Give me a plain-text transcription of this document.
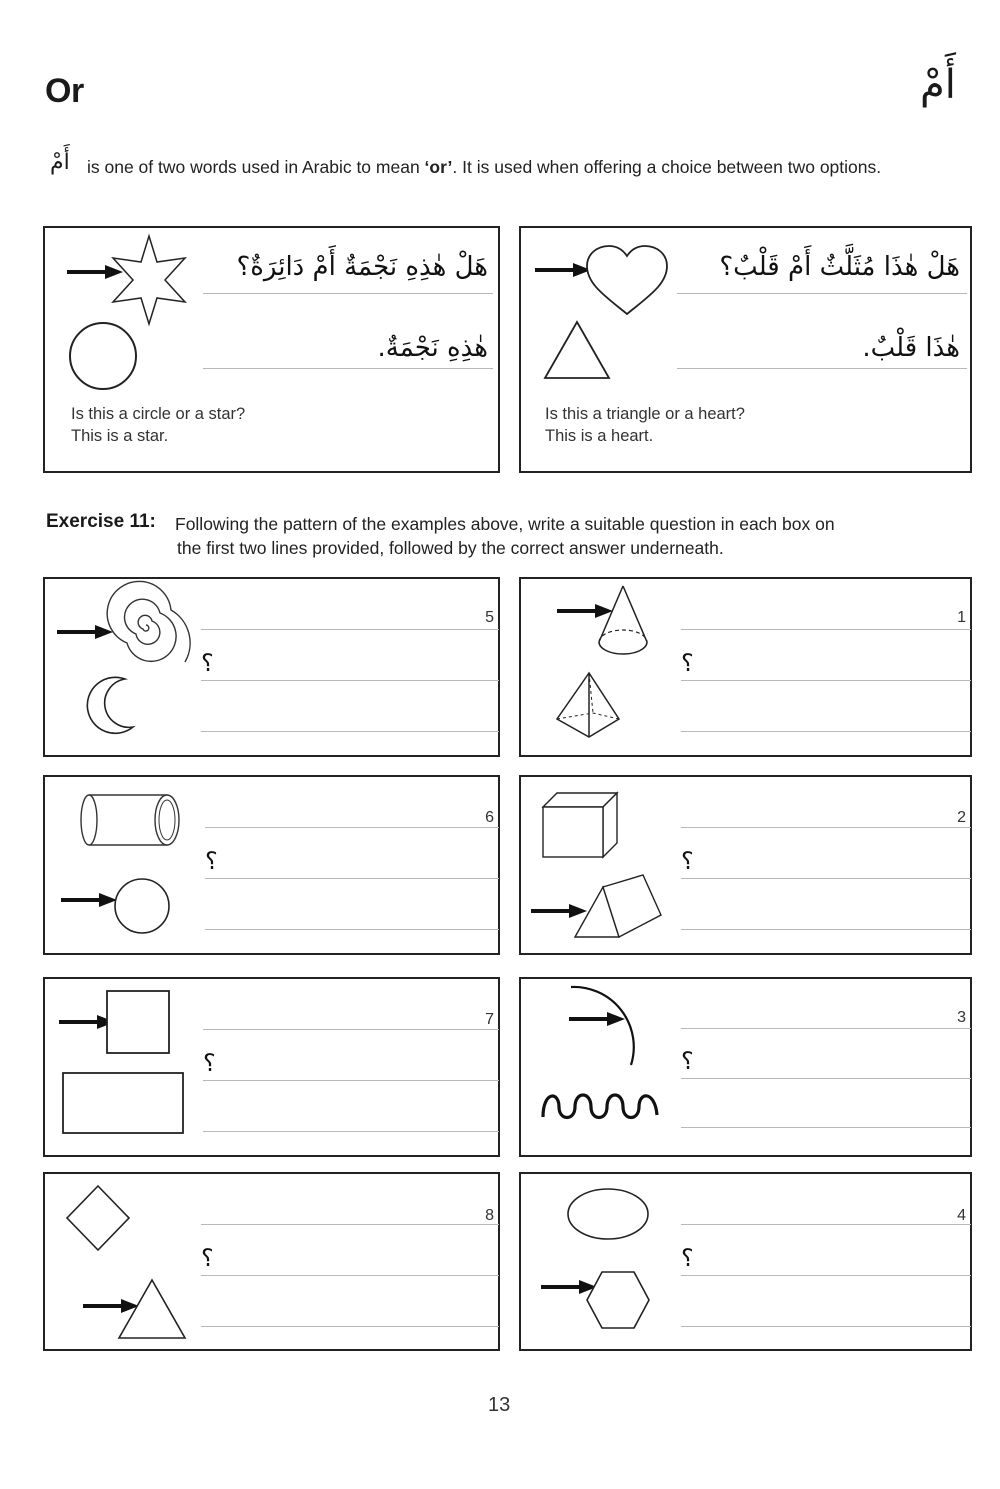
Or	أَمْ
أَمْ is one of two words used in Arabic to mean ‘or’. It is used when offering a choice between two options.
هَلْ هٰذِهِ نَجْمَةٌ أَمْ دَائِرَةٌ؟
هٰذِهِ نَجْمَةٌ.
Is this a circle or a star?
This is a star.
هَلْ هٰذَا مُثَلَّثٌ أَمْ قَلْبٌ؟
هٰذَا قَلْبٌ.
Is this a triangle or a heart?
This is a heart.
Exercise 11: Following the pattern of the examples above, write a suitable question in each box on
the first two lines provided, followed by the correct answer underneath.
5
؟
1
؟
6
؟
2
؟
7
؟
3
؟
8
؟
4
؟
13
